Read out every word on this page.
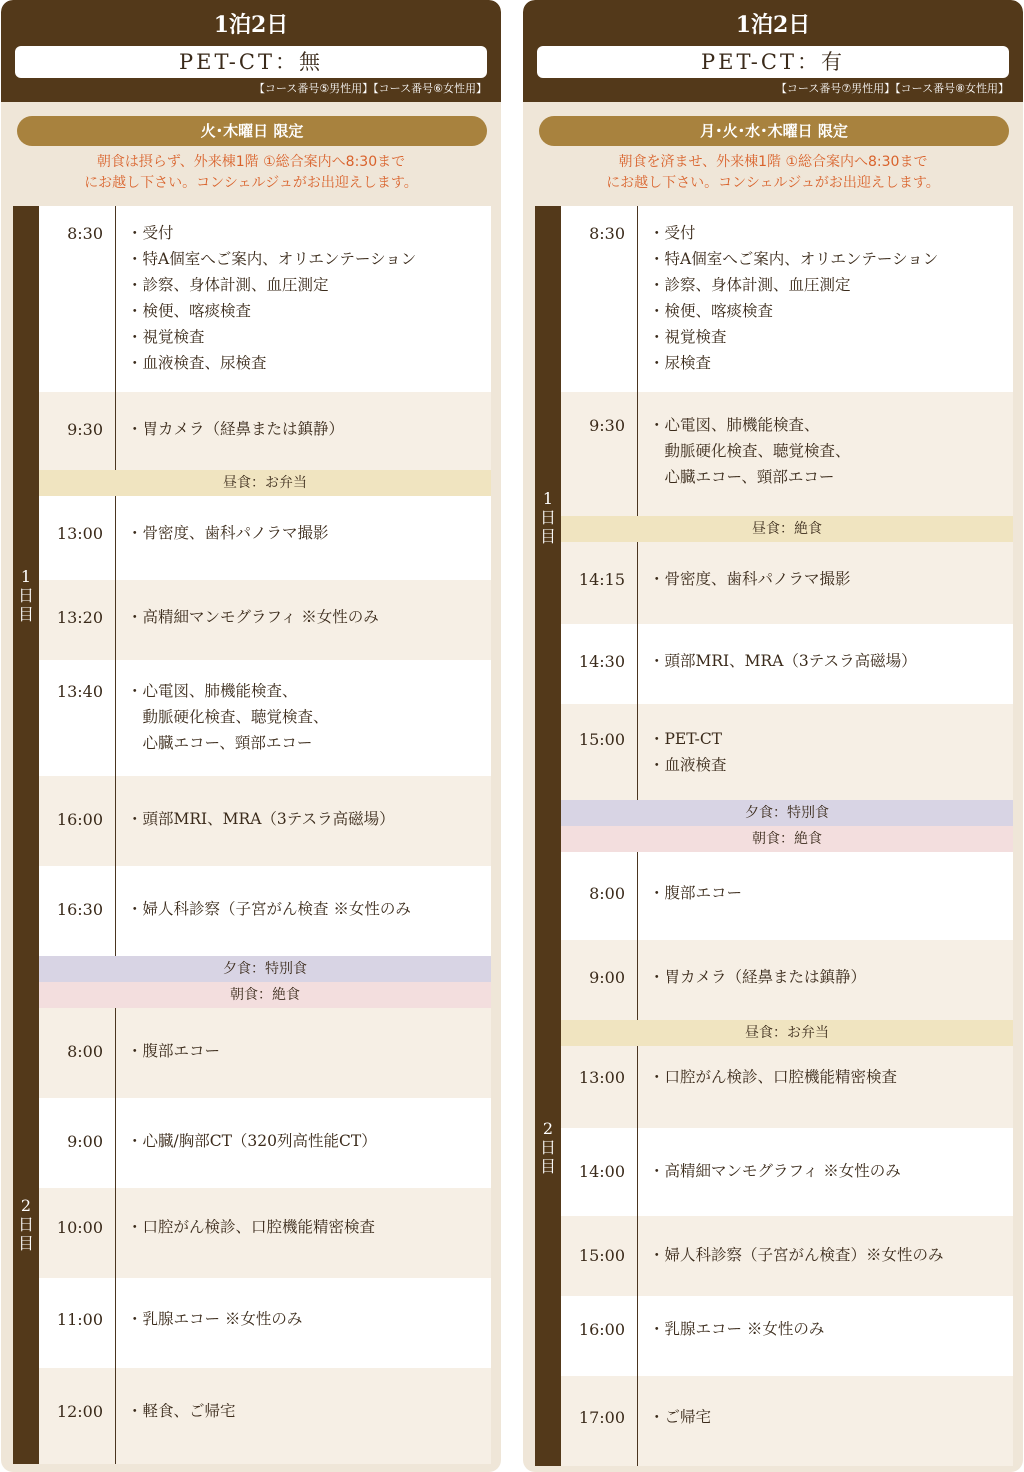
1泊2日
PET-CT：無
【コース番号⑤男性用】【コース番号⑥女性用】
火･木曜日 限定
朝食は摂らず、外来棟1階 ①総合案内へ8:30まで
にお越し下さい。コンシェルジュがお出迎えします。
1
日
目
2
日
目
8:30 ・受付
・特A個室へご案内、オリエンテーション
・診察、身体計測、血圧測定
・検便、喀痰検査
・視覚検査
・血液検査、尿検査
9:30 ・胃カメラ（経鼻または鎮静）
昼食：お弁当
13:00 ・骨密度、歯科パノラマ撮影
13:20 ・高精細マンモグラフィ ※女性のみ
13:40 ・心電図、肺機能検査、
　動脈硬化検査、聴覚検査、
　心臓エコー、頸部エコー
16:00 ・頭部MRI、MRA（3テスラ高磁場）
16:30 ・婦人科診察（子宮がん検査 ※女性のみ
夕食：特別食
朝食：絶食
8:00 ・腹部エコー
9:00 ・心臓/胸部CT（320列高性能CT）
10:00 ・口腔がん検診、口腔機能精密検査
11:00 ・乳腺エコー ※女性のみ
12:00 ・軽食、ご帰宅
1泊2日
PET-CT：有
【コース番号⑦男性用】【コース番号⑧女性用】
月･火･水･木曜日 限定
朝食を済ませ、外来棟1階 ①総合案内へ8:30まで
にお越し下さい。コンシェルジュがお出迎えします。
1
日
目
2
日
目
8:30 ・受付
・特A個室へご案内、オリエンテーション
・診察、身体計測、血圧測定
・検便、喀痰検査
・視覚検査
・尿検査
9:30 ・心電図、肺機能検査、
　動脈硬化検査、聴覚検査、
　心臓エコー、頸部エコー
昼食：絶食
14:15 ・骨密度、歯科パノラマ撮影
14:30 ・頭部MRI、MRA（3テスラ高磁場）
15:00 ・PET-CT
・血液検査
夕食：特別食
朝食：絶食
8:00 ・腹部エコー
9:00 ・胃カメラ（経鼻または鎮静）
昼食：お弁当
13:00 ・口腔がん検診、口腔機能精密検査
14:00 ・高精細マンモグラフィ ※女性のみ
15:00 ・婦人科診察（子宮がん検査）※女性のみ
16:00 ・乳腺エコー ※女性のみ
17:00 ・ご帰宅
